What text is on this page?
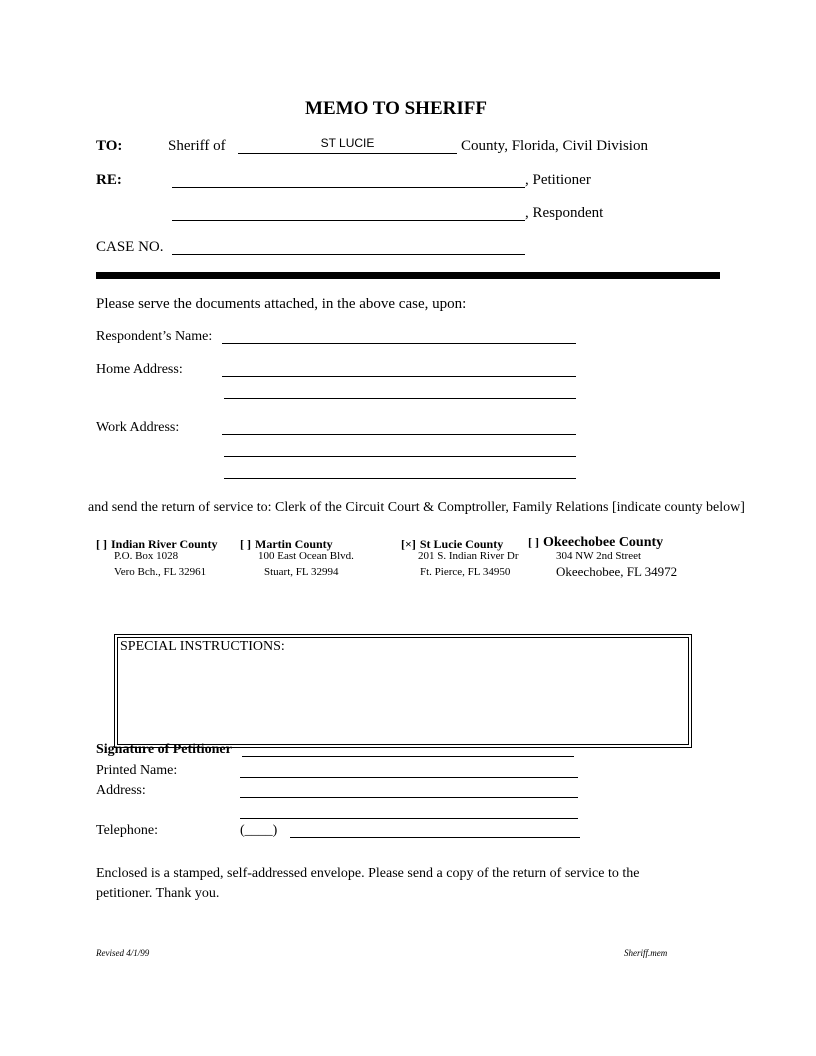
MEMO TO SHERIFF
TO:	Sheriff of	ST LUCIE	County, Florida, Civil Division
RE:	, Petitioner
, Respondent
CASE NO.
Please serve the documents attached, in the above case, upon:
Respondent’s Name:
Home Address:
Work Address:
and send the return of service to: Clerk of the Circuit Court & Comptroller, Family Relations [indicate county below]
[ ] Indian River County
P.O. Box 1028
Vero Bch., FL 32961
[ ] Martin County
100 East Ocean Blvd.
Stuart, FL 32994
[×] St Lucie County
201 S. Indian River Dr
Ft. Pierce, FL 34950
[ ] Okeechobee County
304 NW 2nd Street
Okeechobee, FL 34972
SPECIAL INSTRUCTIONS:
Signature of Petitioner
Printed Name:
Address:
Telephone:	(____)
Enclosed is a stamped, self-addressed envelope. Please send a copy of the return of service to the
petitioner. Thank you.
Revised 4/1/99	Sheriff.mem
